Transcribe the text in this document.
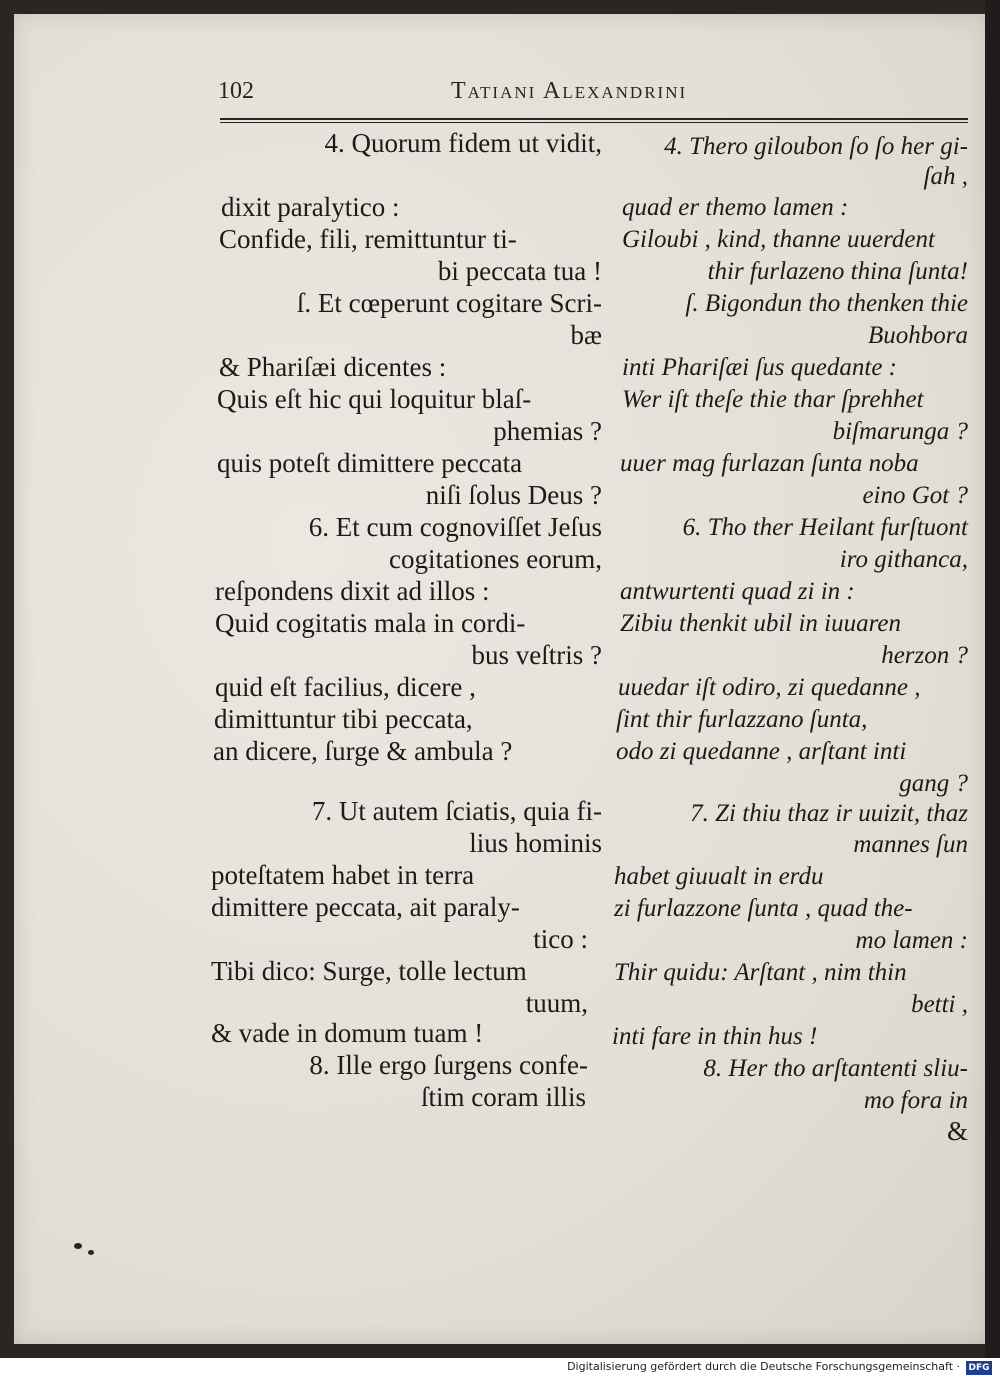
102	Tatiani Alexandrini
4. Quorum fidem ut vidit,
dixit paralytico :
Confide, fili, remittuntur ti-
bi peccata tua !
ſ. Et cœperunt cogitare Scri-
bæ
& Phariſæi dicentes :
Quis eſt hic qui loquitur blaſ-
phemias ?
quis poteſt dimittere peccata
niſi ſolus Deus ?
6. Et cum cognoviſſet Jeſus
cogitationes eorum,
reſpondens dixit ad illos :
Quid cogitatis mala in cordi-
bus veſtris ?
quid eſt facilius, dicere ,
dimittuntur tibi peccata,
an dicere, ſurge & ambula ?
7. Ut autem ſciatis, quia fi-
lius hominis
poteſtatem habet in terra
dimittere peccata, ait paraly-
tico :
Tibi dico: Surge, tolle lectum
tuum,
& vade in domum tuam !
8. Ille ergo ſurgens confe-
ſtim coram illis
4. Thero giloubon ſo ſo her gi-
ſah ,
quad er themo lamen :
Giloubi , kind, thanne uuerdent
thir furlazeno thina ſunta!
ſ. Bigondun tho thenken thie
Buohbora
inti Phariſæi ſus quedante :
Wer iſt theſe thie thar ſprehhet
biſmarunga ?
uuer mag furlazan ſunta noba
eino Got ?
6. Tho ther Heilant furſtuont
iro githanca,
antwurtenti quad zi in :
Zibiu thenkit ubil in iuuaren
herzon ?
uuedar iſt odiro, zi quedanne ,
ſint thir furlazzano ſunta,
odo zi quedanne , arſtant inti
gang ?
7. Zi thiu thaz ir uuizit, thaz
mannes ſun
habet giuualt in erdu
zi furlazzone ſunta , quad the-
mo lamen :
Thir quidu: Arſtant , nim thin
betti ,
inti fare in thin hus !
8. Her tho arſtantenti sliu-
mo fora in
&
Digitalisierung gefördert durch die Deutsche Forschungsgemeinschaft · DFG
